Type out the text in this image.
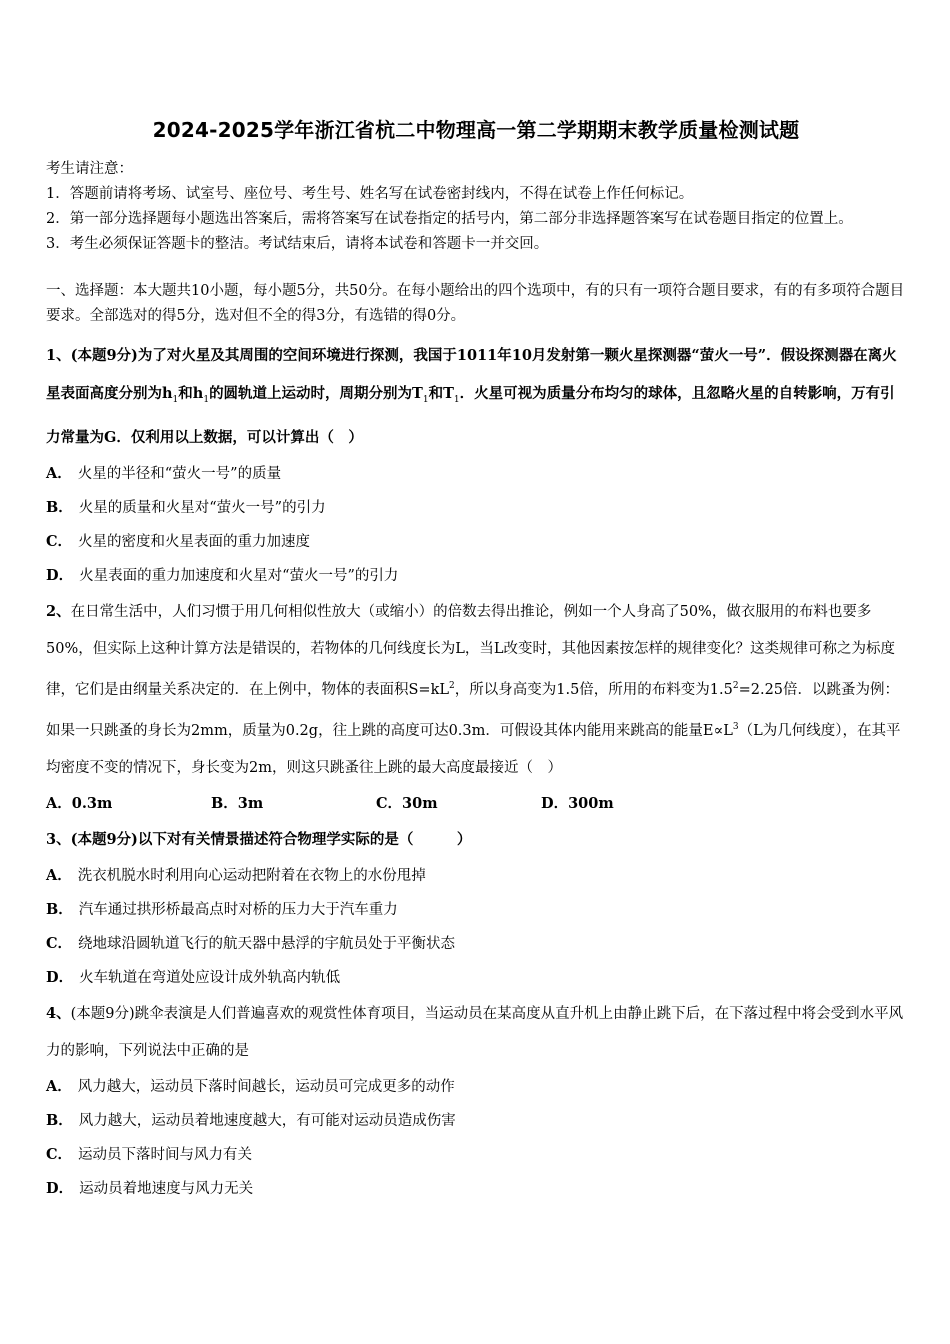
2024-2025学年浙江省杭二中物理高一第二学期期末教学质量检测试题

考生请注意：

1．答题前请将考场、试室号、座位号、考生号、姓名写在试卷密封线内，不得在试卷上作任何标记。

2．第一部分选择题每小题选出答案后，需将答案写在试卷指定的括号内，第二部分非选择题答案写在试卷题目指定的位置上。

3．考生必须保证答题卡的整洁。考试结束后，请将本试卷和答题卡一并交回。

一、选择题：本大题共10小题，每小题5分，共50分。在每小题给出的四个选项中，有的只有一项符合题目要求，有的有多项符合题目要求。全部选对的得5分，选对但不全的得3分，有选错的得0分。

1、(本题9分)为了对火星及其周围的空间环境进行探测，我国于1011年10月发射第一颗火星探测器“萤火一号”．假设探测器在离火星表面高度分别为$h_1$和$h_1$的圆轨道上运动时，周期分别为$T_1$和$T_1$．火星可视为质量分布均匀的球体，且忽略火星的自转影响，万有引力常量为G．仅利用以上数据，可以计算出（　）

A． 火星的半径和“萤火一号”的质量

B． 火星的质量和火星对“萤火一号”的引力

C． 火星的密度和火星表面的重力加速度

D． 火星表面的重力加速度和火星对“萤火一号”的引力

2、在日常生活中，人们习惯于用几何相似性放大（或缩小）的倍数去得出推论，例如一个人身高了50%，做衣服用的布料也要多50%，但实际上这种计算方法是错误的，若物体的几何线度长为L，当L改变时，其他因素按怎样的规律变化？这类规律可称之为标度律，它们是由纲量关系决定的．在上例中，物体的表面积$S=kL^2$，所以身高变为1.5倍，所用的布料变为$1.5^2=2.25$倍．以跳蚤为例：如果一只跳蚤的身长为2mm，质量为0.2g，往上跳的高度可达0.3m．可假设其体内能用来跳高的能量$E\propto L^3(L$为几何线度），在其平均密度不变的情况下，身长变为2m，则这只跳蚤往上跳的最大高度最接近（　）

A．0.3m	B．3m	C．30m	D．300m

3、(本题9分)以下对有关情景描述符合物理学实际的是（　　　）

A． 洗衣机脱水时利用向心运动把附着在衣物上的水份甩掉

B． 汽车通过拱形桥最高点时对桥的压力大于汽车重力

C． 绕地球沿圆轨道飞行的航天器中悬浮的宇航员处于平衡状态

D． 火车轨道在弯道处应设计成外轨高内轨低

4、(本题9分)跳伞表演是人们普遍喜欢的观赏性体育项目，当运动员在某高度从直升机上由静止跳下后，在下落过程中将会受到水平风力的影响，下列说法中正确的是

A． 风力越大，运动员下落时间越长，运动员可完成更多的动作

B． 风力越大，运动员着地速度越大，有可能对运动员造成伤害

C． 运动员下落时间与风力有关

D． 运动员着地速度与风力无关
